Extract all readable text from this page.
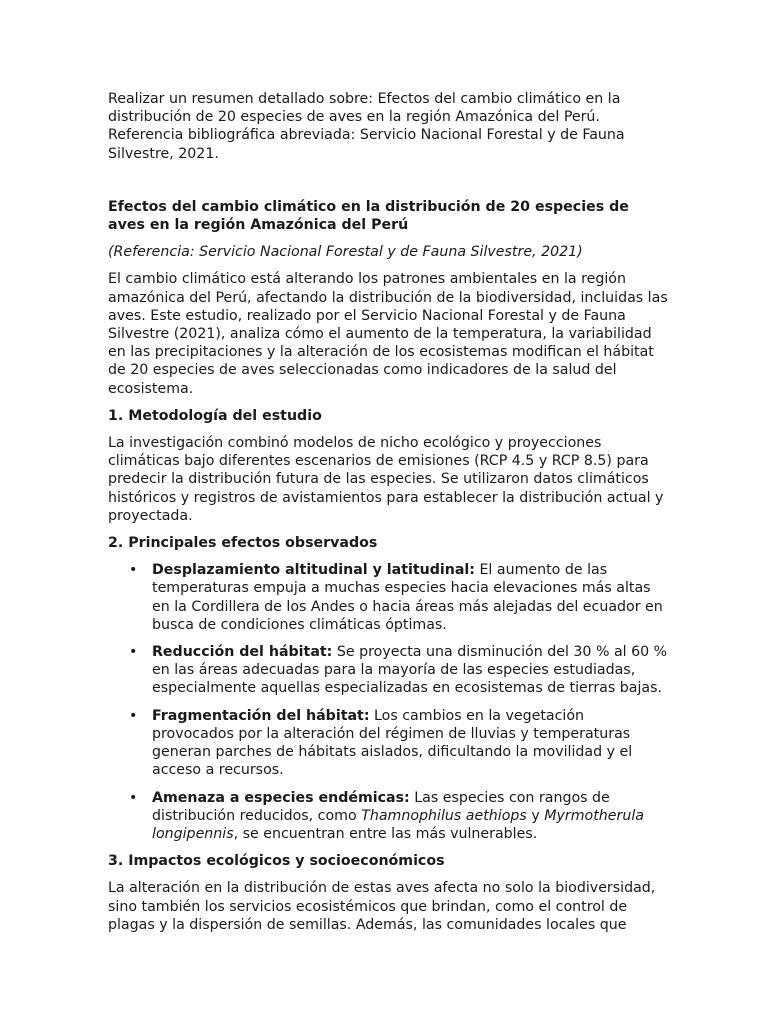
Realizar un resumen detallado sobre: Efectos del cambio climático en la distribución de 20 especies de aves en la región Amazónica del Perú. Referencia bibliográfica abreviada: Servicio Nacional Forestal y de Fauna Silvestre, 2021.

Efectos del cambio climático en la distribución de 20 especies de aves en la región Amazónica del Perú

(Referencia: Servicio Nacional Forestal y de Fauna Silvestre, 2021)

El cambio climático está alterando los patrones ambientales en la región amazónica del Perú, afectando la distribución de la biodiversidad, incluidas las aves. Este estudio, realizado por el Servicio Nacional Forestal y de Fauna Silvestre (2021), analiza cómo el aumento de la temperatura, la variabilidad en las precipitaciones y la alteración de los ecosistemas modifican el hábitat de 20 especies de aves seleccionadas como indicadores de la salud del ecosistema.

1. Metodología del estudio

La investigación combinó modelos de nicho ecológico y proyecciones climáticas bajo diferentes escenarios de emisiones (RCP 4.5 y RCP 8.5) para predecir la distribución futura de las especies. Se utilizaron datos climáticos históricos y registros de avistamientos para establecer la distribución actual y proyectada.

2. Principales efectos observados

• Desplazamiento altitudinal y latitudinal: El aumento de las temperaturas empuja a muchas especies hacia elevaciones más altas en la Cordillera de los Andes o hacia áreas más alejadas del ecuador en busca de condiciones climáticas óptimas.
• Reducción del hábitat: Se proyecta una disminución del 30 % al 60 % en las áreas adecuadas para la mayoría de las especies estudiadas, especialmente aquellas especializadas en ecosistemas de tierras bajas.
• Fragmentación del hábitat: Los cambios en la vegetación provocados por la alteración del régimen de lluvias y temperaturas generan parches de hábitats aislados, dificultando la movilidad y el acceso a recursos.
• Amenaza a especies endémicas: Las especies con rangos de distribución reducidos, como Thamnophilus aethiops y Myrmotherula longipennis, se encuentran entre las más vulnerables.

3. Impactos ecológicos y socioeconómicos

La alteración en la distribución de estas aves afecta no solo la biodiversidad, sino también los servicios ecosistémicos que brindan, como el control de plagas y la dispersión de semillas. Además, las comunidades locales que
